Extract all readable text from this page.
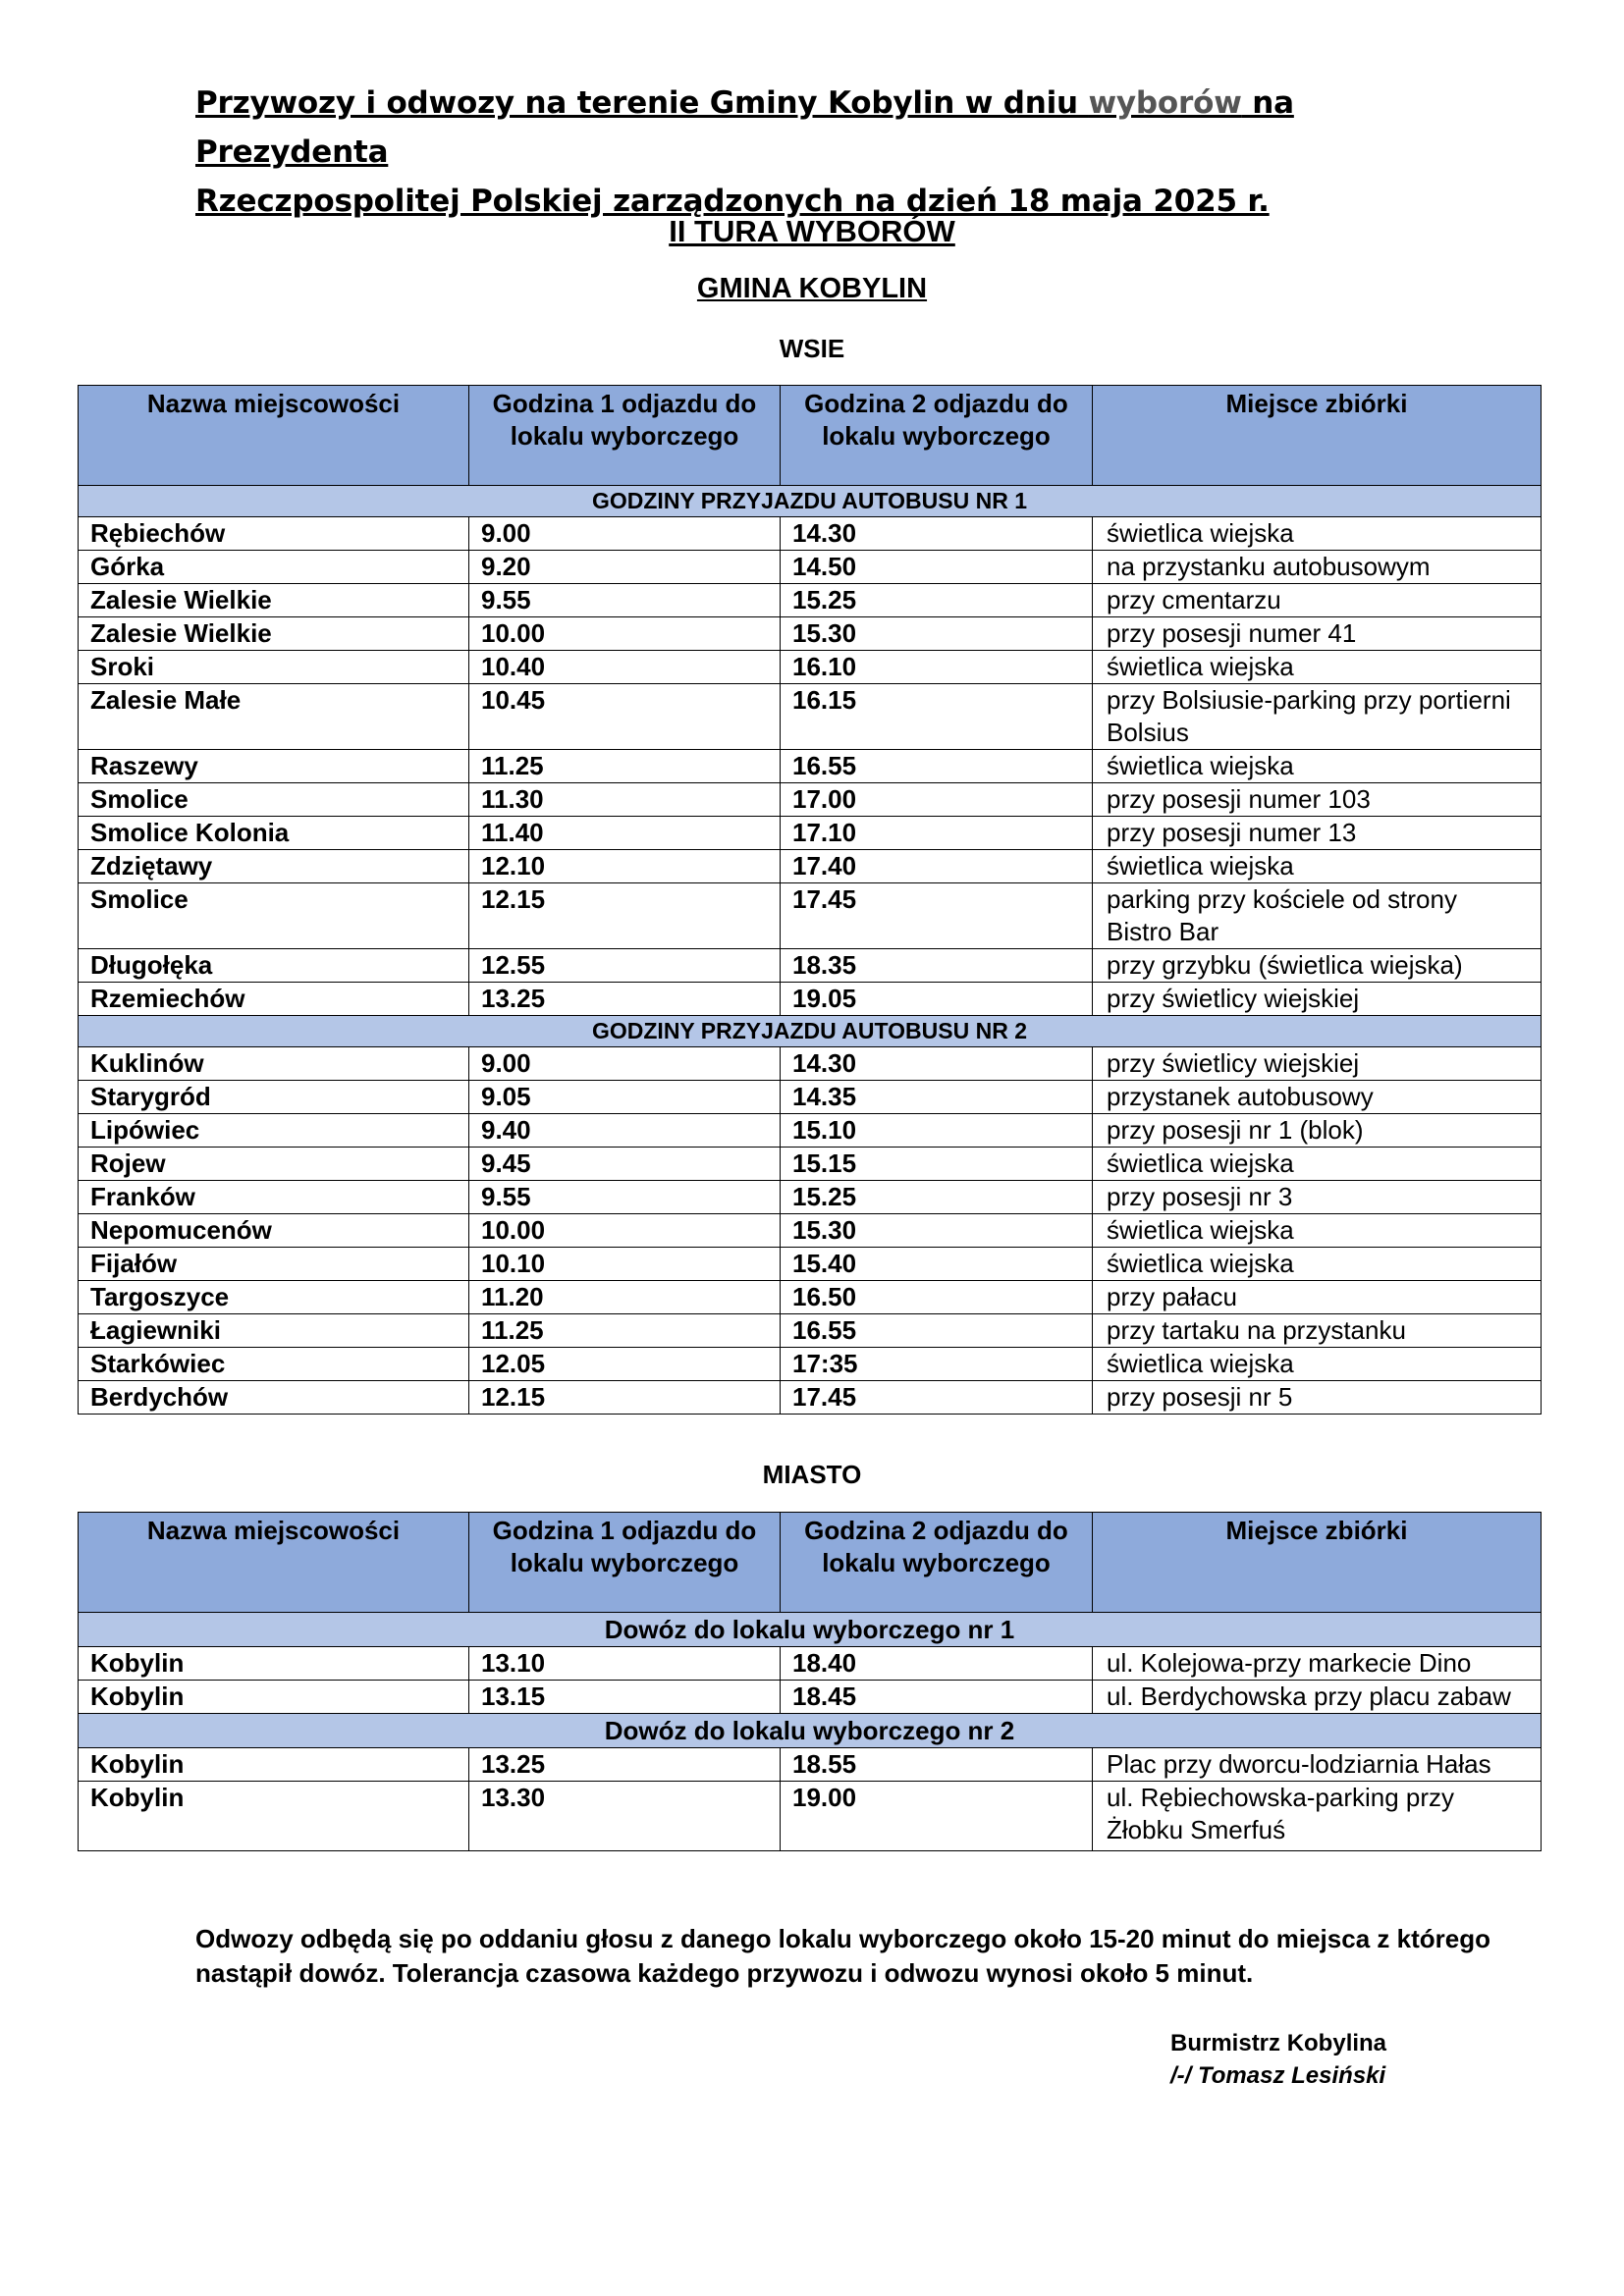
Przywozy i odwozy na terenie Gminy Kobylin w dniu wyborów na Prezydenta
Rzeczpospolitej Polskiej zarządzonych na dzień 18 maja 2025 r.
II TURA WYBORÓW
GMINA KOBYLIN
WSIE
Nazwa miejscowości	Godzina 1 odjazdu do lokalu wyborczego	Godzina 2 odjazdu do lokalu wyborczego	Miejsce zbiórki
GODZINY PRZYJAZDU AUTOBUSU NR 1			
Rębiechów	9.00	14.30	świetlica wiejska
Górka	9.20	14.50	na przystanku autobusowym
Zalesie Wielkie	9.55	15.25	przy cmentarzu
Zalesie Wielkie	10.00	15.30	przy posesji numer 41
Sroki	10.40	16.10	świetlica wiejska
Zalesie Małe	10.45	16.15	przy Bolsiusie-parking przy portierni Bolsius
Raszewy	11.25	16.55	świetlica wiejska
Smolice	11.30	17.00	przy posesji numer 103
Smolice Kolonia	11.40	17.10	przy posesji numer 13
Zdziętawy	12.10	17.40	świetlica wiejska
Smolice	12.15	17.45	parking przy kościele od strony Bistro Bar
Długołęka	12.55	18.35	przy grzybku (świetlica wiejska)
Rzemiechów	13.25	19.05	przy świetlicy wiejskiej
GODZINY PRZYJAZDU AUTOBUSU NR 2			
Kuklinów	9.00	14.30	przy świetlicy wiejskiej
Starygród	9.05	14.35	przystanek autobusowy
Lipówiec	9.40	15.10	przy posesji nr 1 (blok)
Rojew	9.45	15.15	świetlica wiejska
Franków	9.55	15.25	przy posesji nr 3
Nepomucenów	10.00	15.30	świetlica wiejska
Fijałów	10.10	15.40	świetlica wiejska
Targoszyce	11.20	16.50	przy pałacu
Łagiewniki	11.25	16.55	przy tartaku na przystanku
Starkówiec	12.05	17:35	świetlica wiejska
Berdychów	12.15	17.45	przy posesji nr 5
MIASTO
Nazwa miejscowości	Godzina 1 odjazdu do lokalu wyborczego	Godzina 2 odjazdu do lokalu wyborczego	Miejsce zbiórki
Dowóz do lokalu wyborczego nr 1			
Kobylin	13.10	18.40	ul. Kolejowa-przy markecie Dino
Kobylin	13.15	18.45	ul. Berdychowska przy placu zabaw
Dowóz do lokalu wyborczego nr 2			
Kobylin	13.25	18.55	Plac przy dworcu-lodziarnia Hałas
Kobylin	13.30	19.00	ul. Rębiechowska-parking przy Żłobku Smerfuś
Odwozy odbędą się po oddaniu głosu z danego lokalu wyborczego około 15-20 minut do miejsca z którego nastąpił dowóz. Tolerancja czasowa każdego przywozu i odwozu wynosi około 5 minut.
Burmistrz Kobylina
/-/ Tomasz Lesiński
